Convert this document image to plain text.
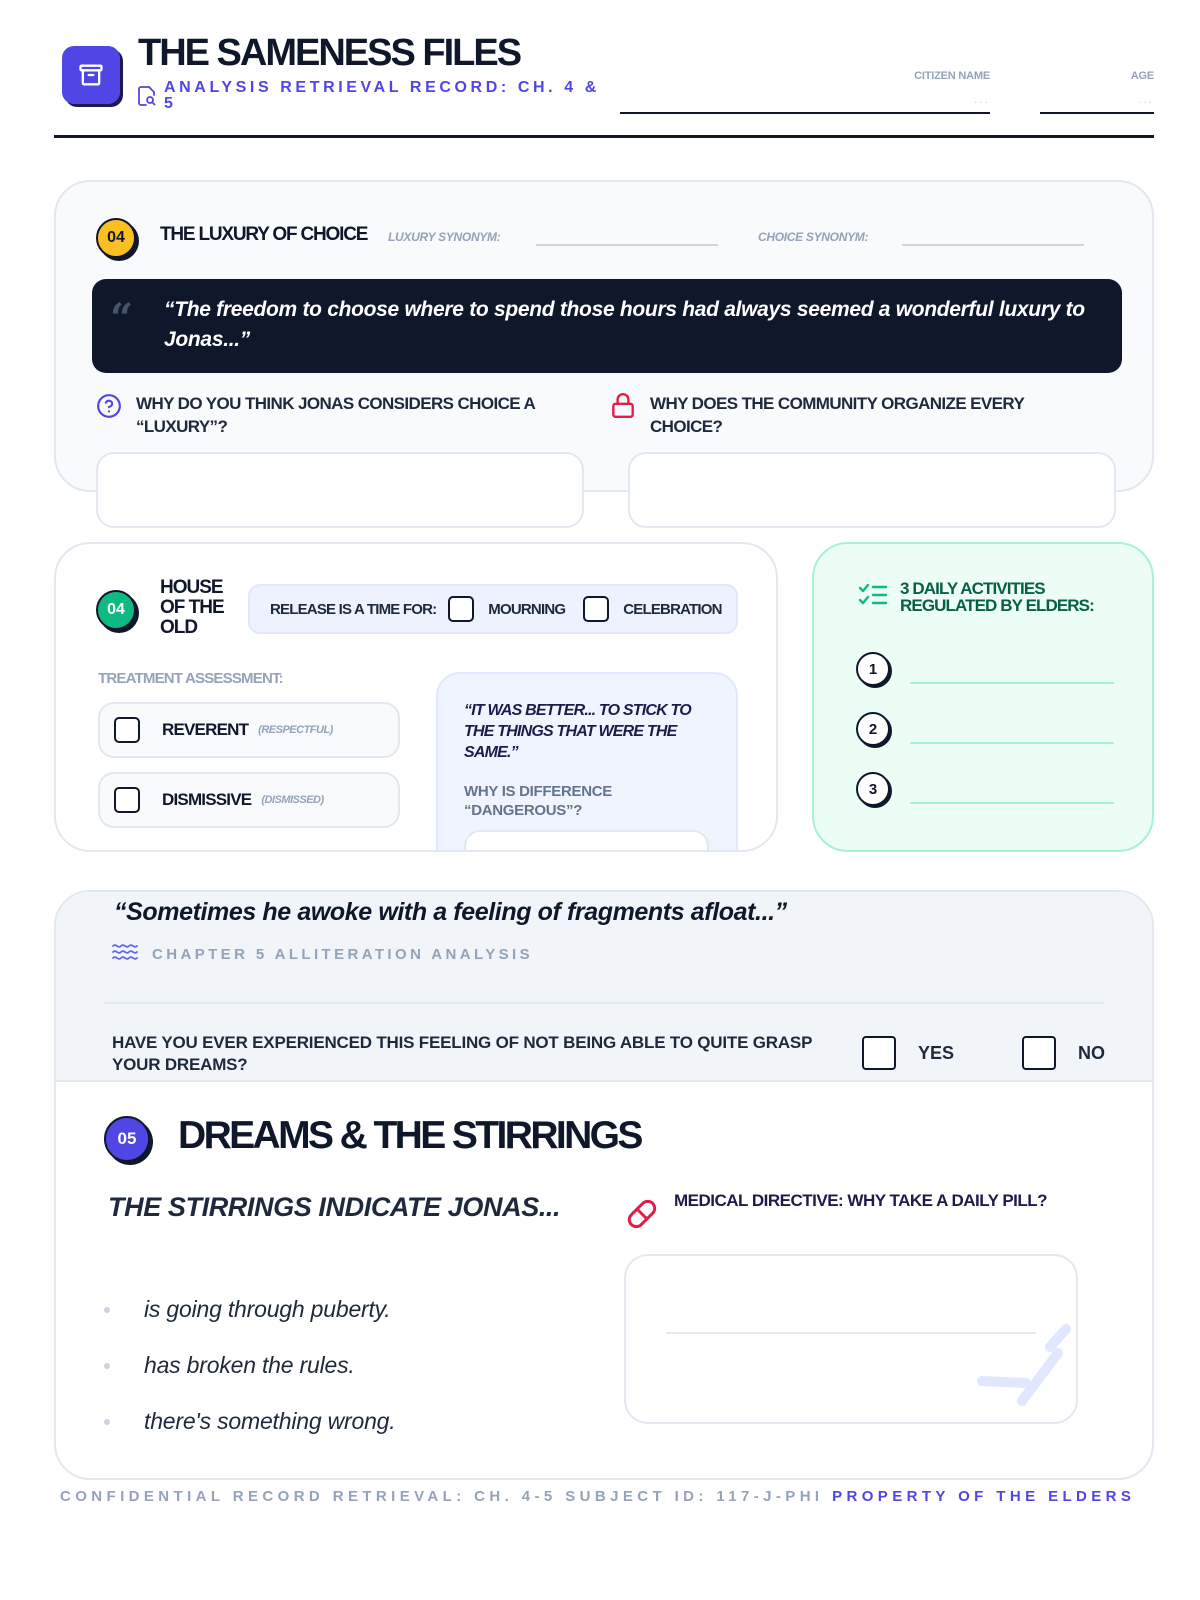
THE SAMENESS FILES
ANALYSIS RETRIEVAL RECORD: CH. 4 & 5
CITIZEN NAME
...
AGE
...
04	THE LUXURY OF CHOICE LUXURY SYNONYM:	CHOICE SYNONYM:
“ “The freedom to choose where to spend those hours had always seemed a wonderful luxury to Jonas...”
WHY DO YOU THINK JONAS CONSIDERS CHOICE A “LUXURY”?
WHY DOES THE COMMUNITY ORGANIZE EVERY CHOICE?
04
HOUSE OF THE OLD
RELEASE IS A TIME FOR:	MOURNING	CELEBRATION
TREATMENT ASSESSMENT:
REVERENT (RESPECTFUL)
DISMISSIVE (DISMISSED)
“IT WAS BETTER... TO STICK TO THE THINGS THAT WERE THE SAME.”
WHY IS DIFFERENCE “DANGEROUS”?
3 DAILY ACTIVITIES REGULATED BY ELDERS:
1
2
3
“Sometimes he awoke with a feeling of fragments afloat...”
CHAPTER 5 ALLITERATION ANALYSIS
HAVE YOU EVER EXPERIENCED THIS FEELING OF NOT BEING ABLE TO QUITE GRASP YOUR DREAMS?
YES	NO
05	DREAMS & THE STIRRINGS
THE STIRRINGS INDICATE JONAS...
is going through puberty.
has broken the rules.
there's something wrong.
MEDICAL DIRECTIVE: WHY TAKE A DAILY PILL?
CONFIDENTIAL RECORD RETRIEVAL: CH. 4-5 SUBJECT ID: 117-J-PHI PROPERTY OF THE ELDERS
